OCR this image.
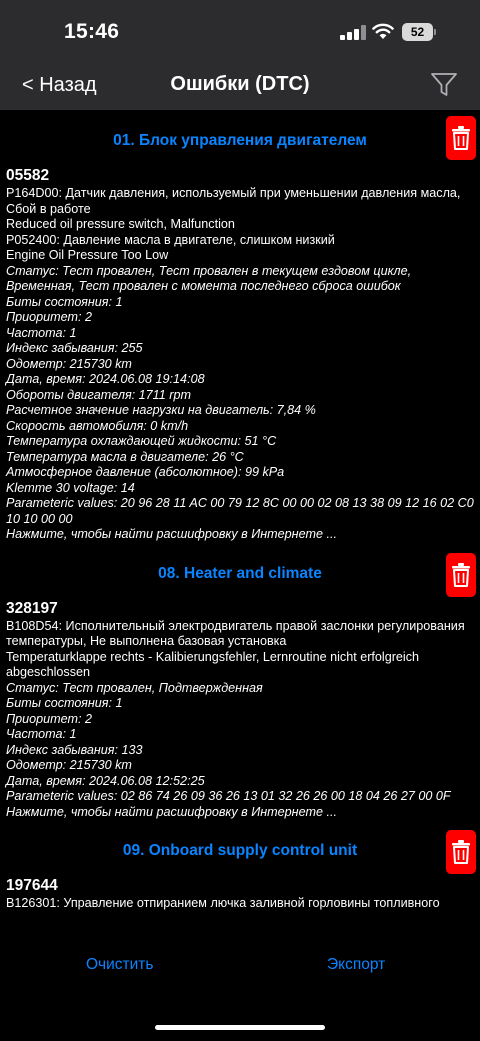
15:46	52
< Назад	Ошибки (DTC)
01. Блок управления двигателем
05582
P164D00: Датчик давления, используемый при уменьшении давления масла, Сбой в работе
Reduced oil pressure switch, Malfunction
P052400: Давление масла в двигателе, слишком низкий
Engine Oil Pressure Too Low
Статус: Тест провален, Тест провален в текущем ездовом цикле, Временная, Тест провален с момента последнего сброса ошибок
Биты состояния: 1
Приоритет: 2
Частота: 1
Индекс забывания: 255
Одометр: 215730 km
Дата, время: 2024.06.08 19:14:08
Обороты двигателя: 1711 rpm
Расчетное значение нагрузки на двигатель: 7,84 %
Скорость автомобиля: 0 km/h
Температура охлаждающей жидкости: 51 °C
Температура масла в двигателе: 26 °C
Атмосферное давление (абсолютное): 99 kPa
Klemme 30 voltage: 14
Parameteric values: 20 96 28 11 AC 00 79 12 8C 00 00 02 08 13 38 09 12 16 02 C0 10 10 00 00
Нажмите, чтобы найти расшифровку в Интернете ...
08. Heater and climate
328197
B108D54: Исполнительный электродвигатель правой заслонки регулирования температуры, Не выполнена базовая установка
Temperaturklappe rechts - Kalibierungsfehler, Lernroutine nicht erfolgreich abgeschlossen
Статус: Тест провален, Подтвержденная
Биты состояния: 1
Приоритет: 2
Частота: 1
Индекс забывания: 133
Одометр: 215730 km
Дата, время: 2024.06.08 12:52:25
Parameteric values: 02 86 74 26 09 36 26 13 01 32 26 26 00 18 04 26 27 00 0F
Нажмите, чтобы найти расшифровку в Интернете ...
09. Onboard supply control unit
197644
B126301: Управление отпиранием лючка заливной горловины топливного
Очистить	Экспорт
